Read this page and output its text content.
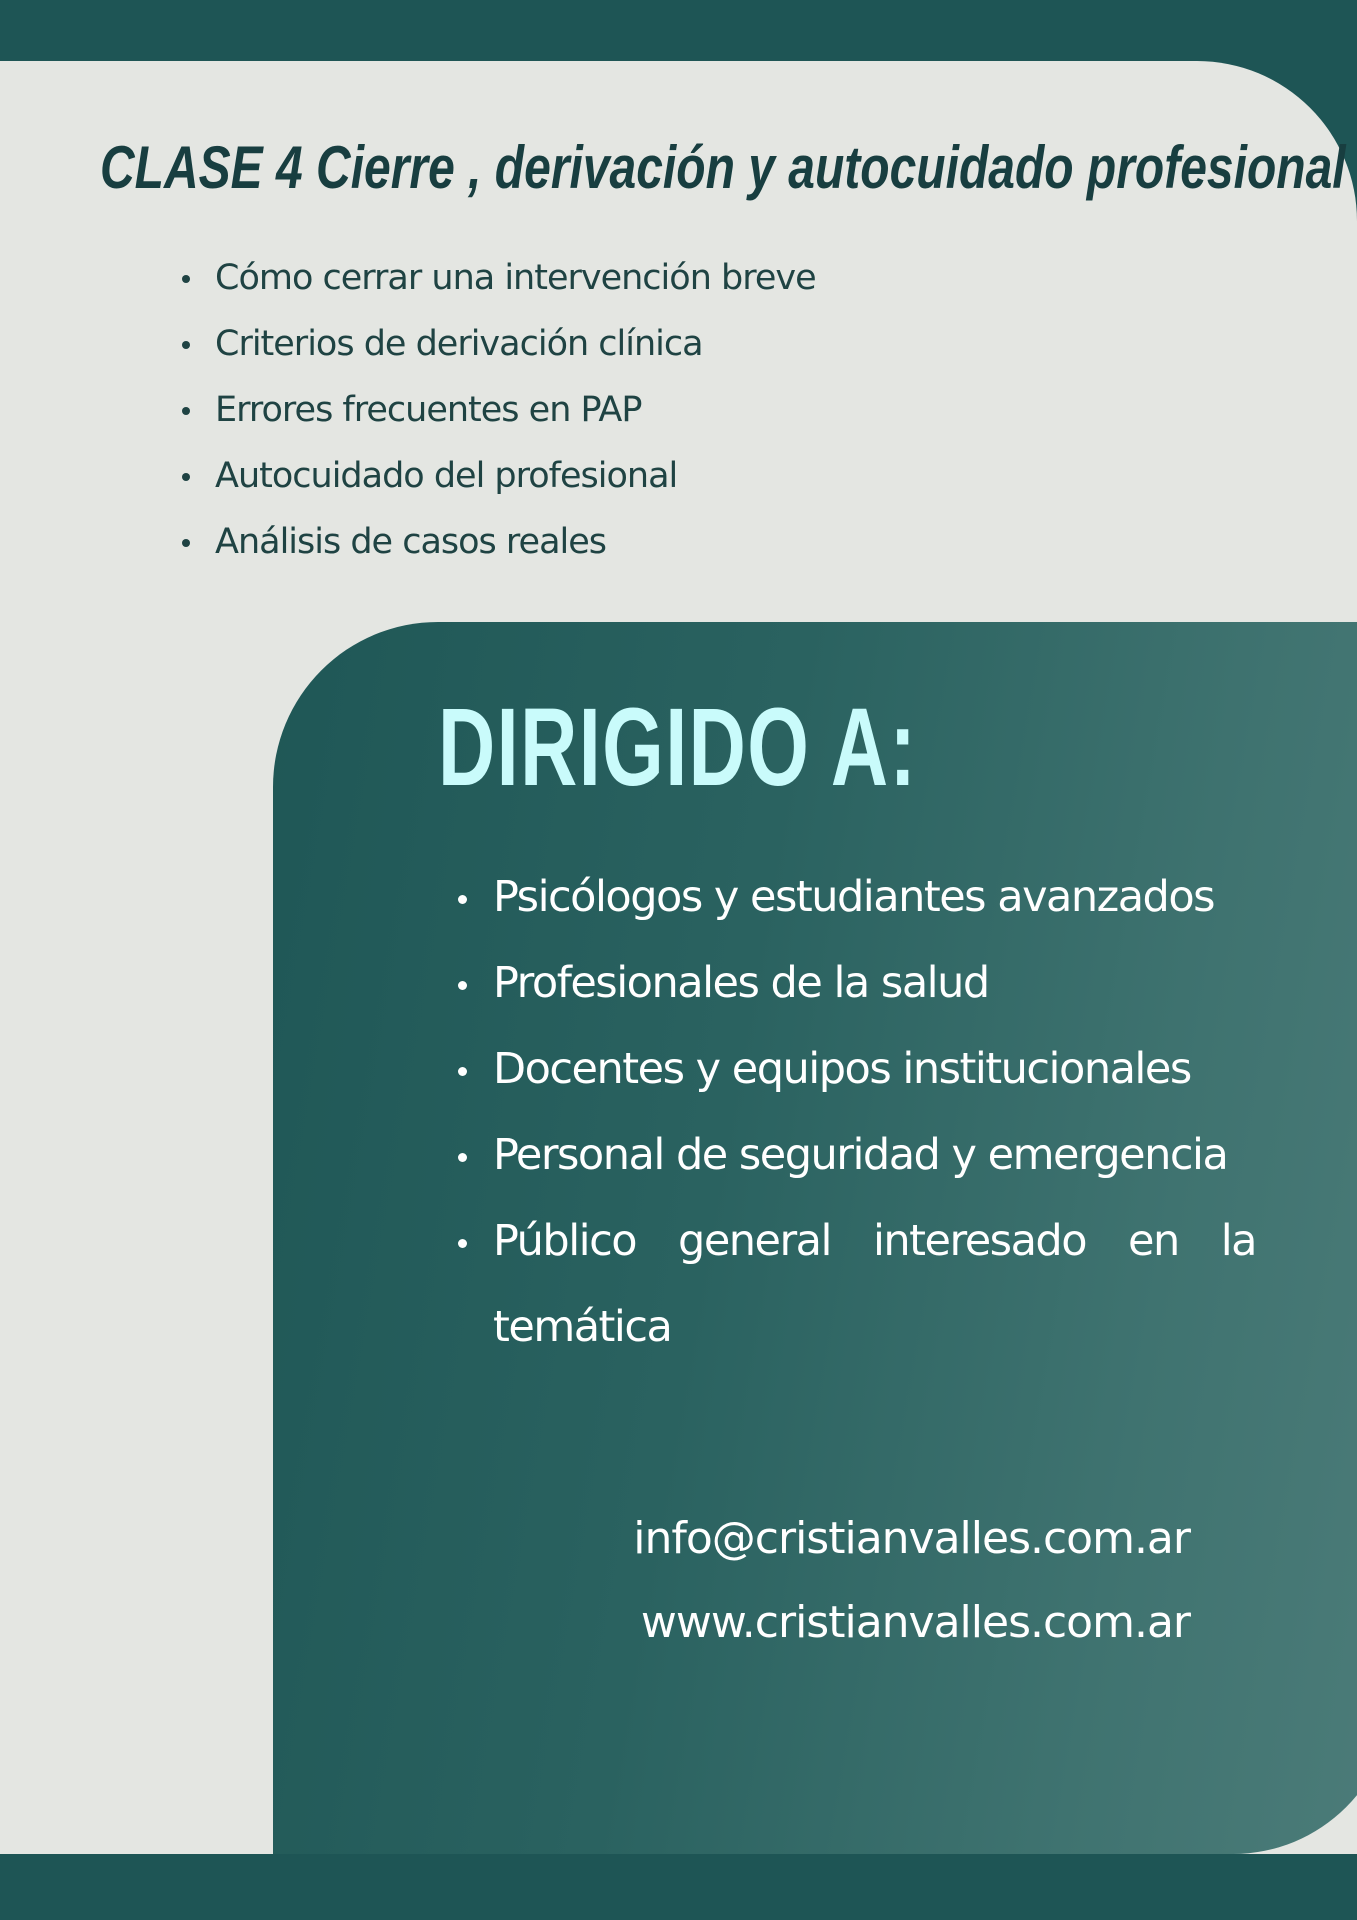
CLASE 4 Cierre , derivación y autocuidado profesional
Cómo cerrar una intervención breve
Criterios de derivación clínica
Errores frecuentes en PAP
Autocuidado del profesional
Análisis de casos reales
DIRIGIDO A:
Psicólogos y estudiantes avanzados
Profesionales de la salud
Docentes y equipos institucionales
Personal de seguridad y emergencia
Público general interesado en la temática

info@cristianvalles.com.ar

www.cristianvalles.com.ar
